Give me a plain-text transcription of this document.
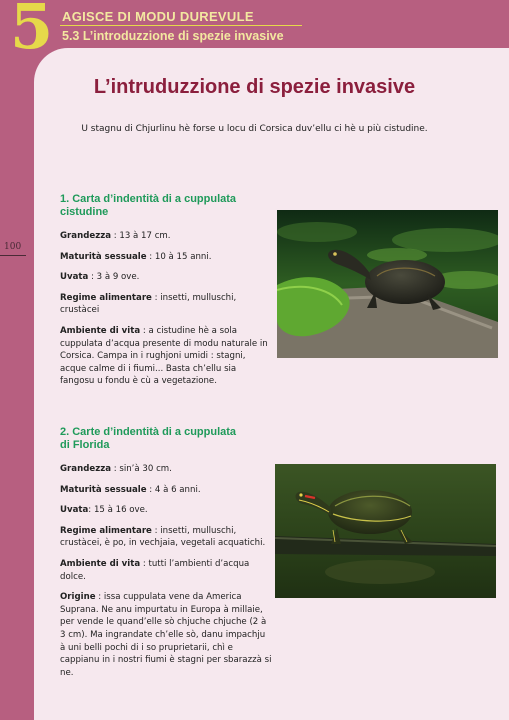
5 AGISCE DI MODU DUREVULE
5.3 L’introduzzione di spezie invasive
100
L’intruduzzione di spezie invasive

U stagnu di Chjurlinu hè forse u locu di Corsica duv’ellu ci hè u più cistudine.

1. Carta d’indentità di a cuppulata
cistudine

Grandezza : 13 à 17 cm.

Maturità sessuale : 10 à 15 anni.

Uvata : 3 à 9 ove.

Regime alimentare : insetti, mulluschi, crustàcei

Ambiente di vita : a cistudine hè a sola cuppulata d’acqua presente di modu naturale in Corsica. Campa in i rughjoni umidi : stagni, acque calme di i fiumi... Basta ch’ellu sia fangosu u fondu è cù a vegetazione.

2. Carte d’indentità di a cuppulata
di Florida

Grandezza : sin’à 30 cm.

Maturità sessuale : 4 à 6 anni.

Uvata: 15 à 16 ove.

Regime alimentare : insetti, mulluschi, crustàcei, è po, in vechjaia, vegetali acquatichi.

Ambiente di vita : tutti l’ambienti d’acqua dolce.

Origine : issa cuppulata vene da America Suprana. Ne anu impurtatu in Europa à millaie, per vende le quand’elle sò chjuche chjuche (2 à 3 cm). Ma ingrandate ch’elle sò, danu impachju à uni belli pochi di i so pruprietarii, chì e cappianu in i nostri fiumi è stagni per sbarazzà si ne.
